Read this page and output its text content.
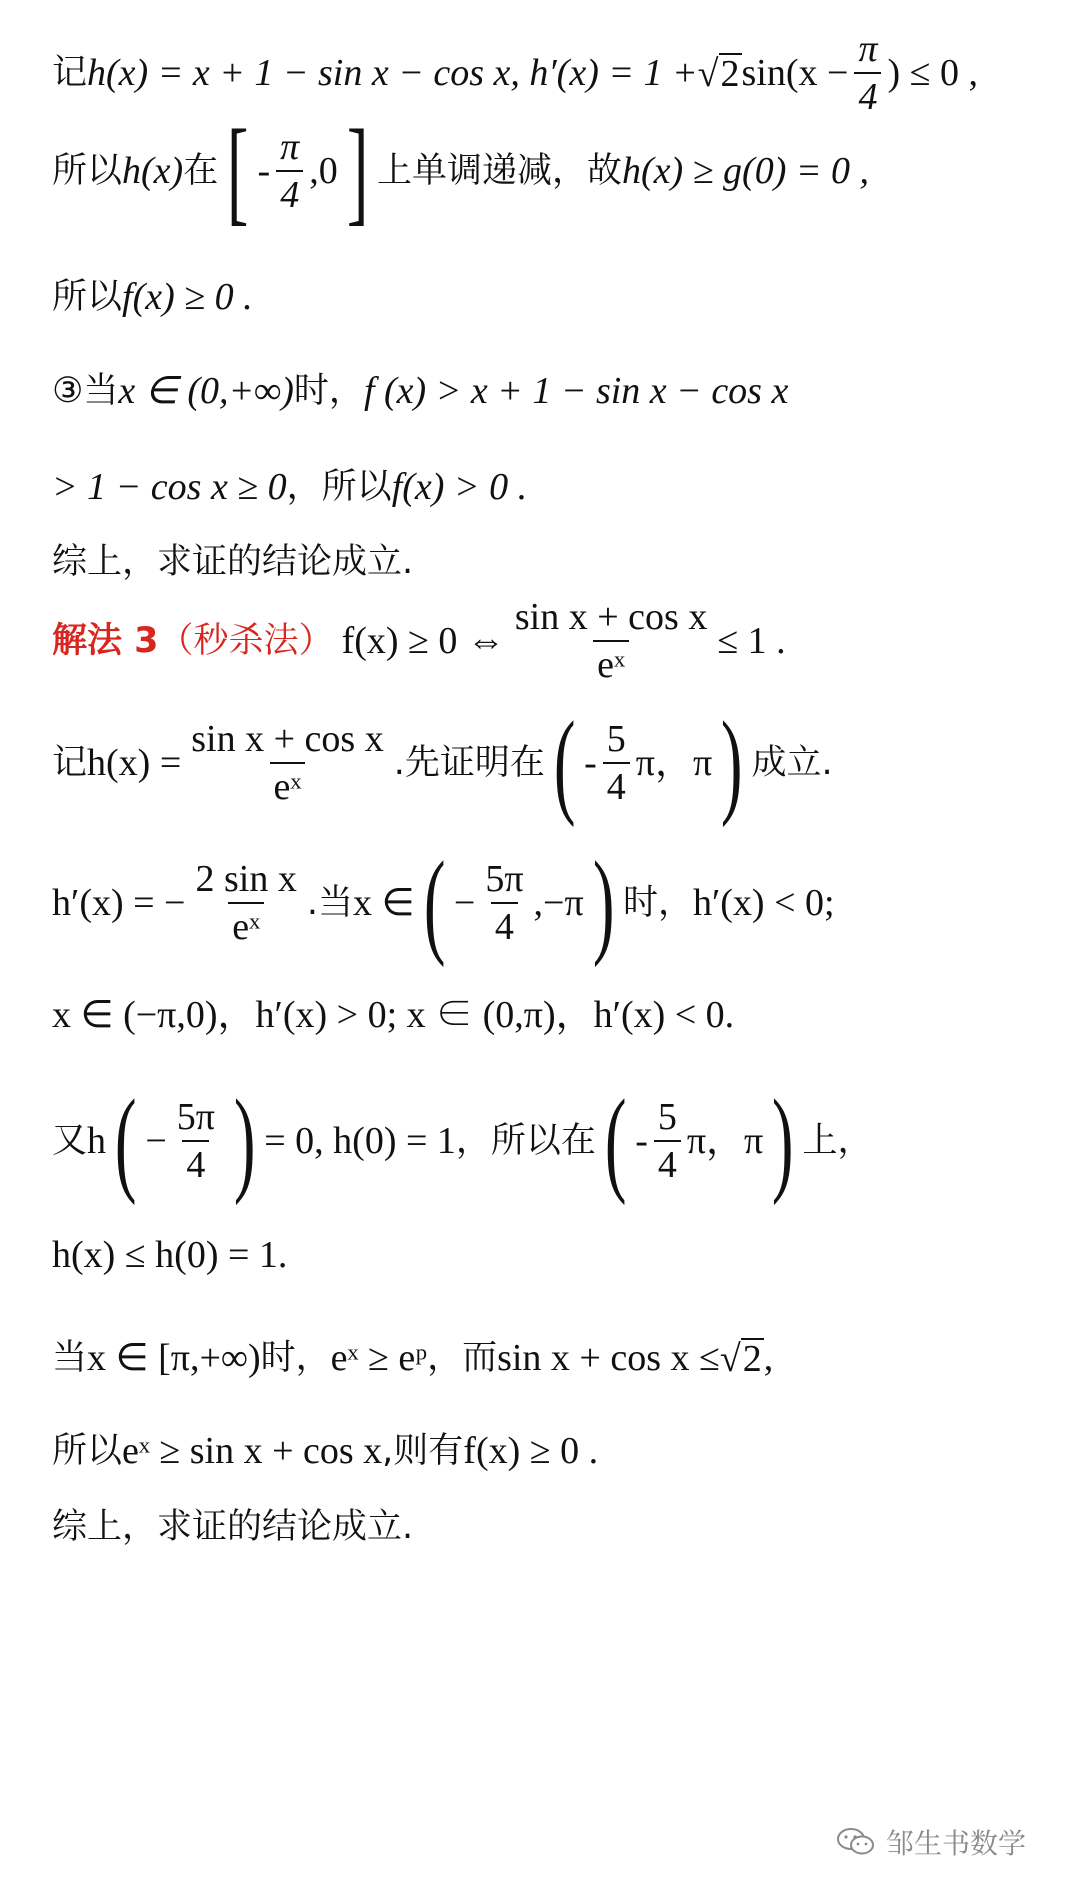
记 h(x) = x + 1 − sin x − cos x, h′(x) = 1 + √ 2 $\sin(x - \frac{\pi}{4}$ ) ≤ 0 ,
所以 h(x) 在 [ - $\frac{\pi}{4} ,0$ ] 上单调递减，故 h(x) ≥ g(0) = 0 ,
所以 f(x) ≥ 0 .
③ 当 x ∈ (0,+∞) 时， f (x) > x + 1 − sin x − cos x
> 1 − cos x ≥ 0 ，所以 f(x) > 0 .
综上，求证的结论成立.
解法 3 （秒杀法） f(x) ≥ 0 ⇔ $\frac{\text{sin x + cos x}}{\text{eˣ}} \le 1$ .
记 $h(x) = \frac{\text{sin x + cos x}}{\text{eˣ}}$ .先证明在 ( - $\frac{5}{4}$ π，π ) 成立.
h′(x) = − $\frac{\text{2 sin x}}{\text{eˣ}}$ .当 x ∈ ( − $\frac{5\pi}{4} ,-\pi$ ) 时， h′(x) < 0;
x ∈ (−π,0)，h′(x) > 0; x ∈ (0,π)，h′(x) < 0.
又 h ( − $\frac{5\pi}{4}$ ) = 0, h(0) = 1 ，所以在 ( - $\frac{5}{4}$ π，π ) 上，
h(x) ≤ h(0) = 1.
当 x ∈ [π,+∞) 时， eˣ ≥ eᵖ ，而 sin x + cos x ≤ √ 2 ,
所以 eˣ ≥ sin x + cos x ,则有 f(x) ≥ 0 .
综上，求证的结论成立.
邹生书数学
